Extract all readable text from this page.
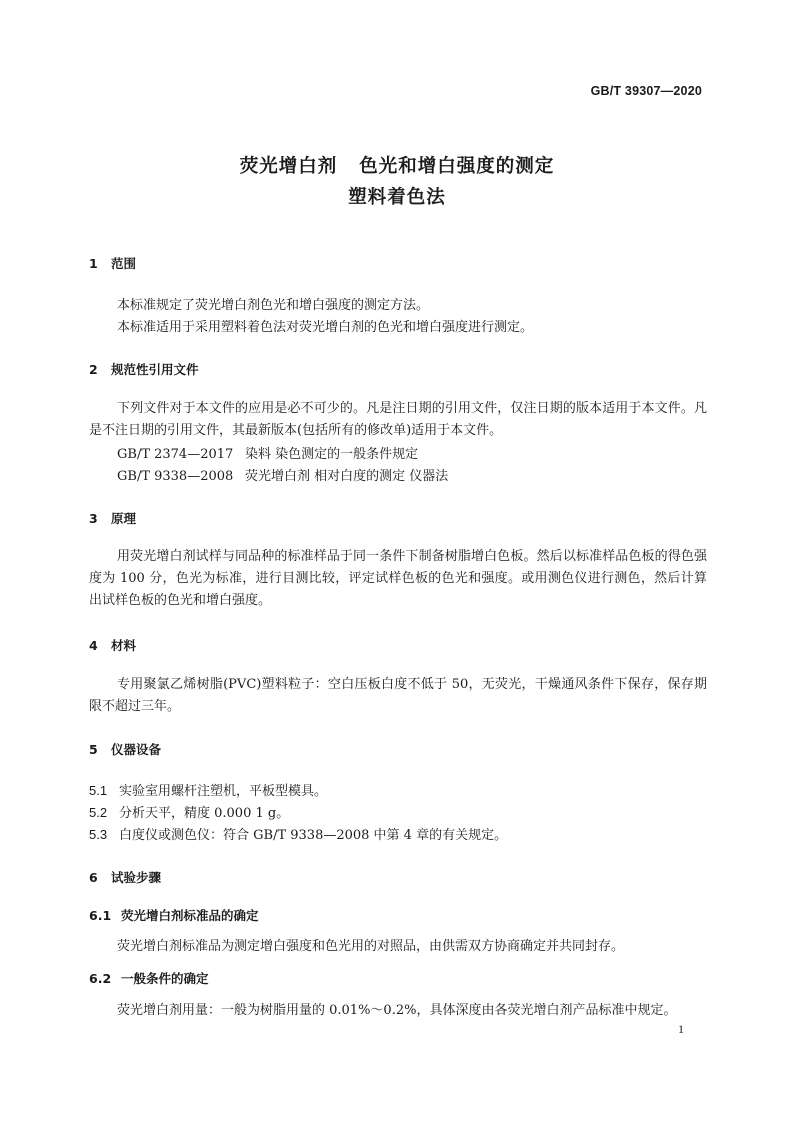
GB/T 39307—2020
荧光增白剂 色光和增白强度的测定
塑料着色法
1 范围
本标准规定了荧光增白剂色光和增白强度的测定方法。
本标准适用于采用塑料着色法对荧光增白剂的色光和增白强度进行测定。
2 规范性引用文件
下列文件对于本文件的应用是必不可少的。凡是注日期的引用文件，仅注日期的版本适用于本文件。凡是不注日期的引用文件，其最新版本(包括所有的修改单)适用于本文件。
GB/T 2374—2017 染料 染色测定的一般条件规定
GB/T 9338—2008 荧光增白剂 相对白度的测定 仪器法
3 原理
用荧光增白剂试样与同品种的标准样品于同一条件下制备树脂增白色板。然后以标准样品色板的得色强度为 100 分，色光为标准，进行目测比较，评定试样色板的色光和强度。或用测色仪进行测色，然后计算出试样色板的色光和增白强度。
4 材料
专用聚氯乙烯树脂(PVC)塑料粒子：空白压板白度不低于 50，无荧光，干燥通风条件下保存，保存期限不超过三年。
5 仪器设备
5.1 实验室用螺杆注塑机，平板型模具。
5.2 分析天平，精度 0.000 1 g。
5.3 白度仪或测色仪：符合 GB/T 9338—2008 中第 4 章的有关规定。
6 试验步骤
6.1 荧光增白剂标准品的确定
荧光增白剂标准品为测定增白强度和色光用的对照品，由供需双方协商确定并共同封存。
6.2 一般条件的确定
荧光增白剂用量：一般为树脂用量的 0.01%～0.2%，具体深度由各荧光增白剂产品标准中规定。
1
